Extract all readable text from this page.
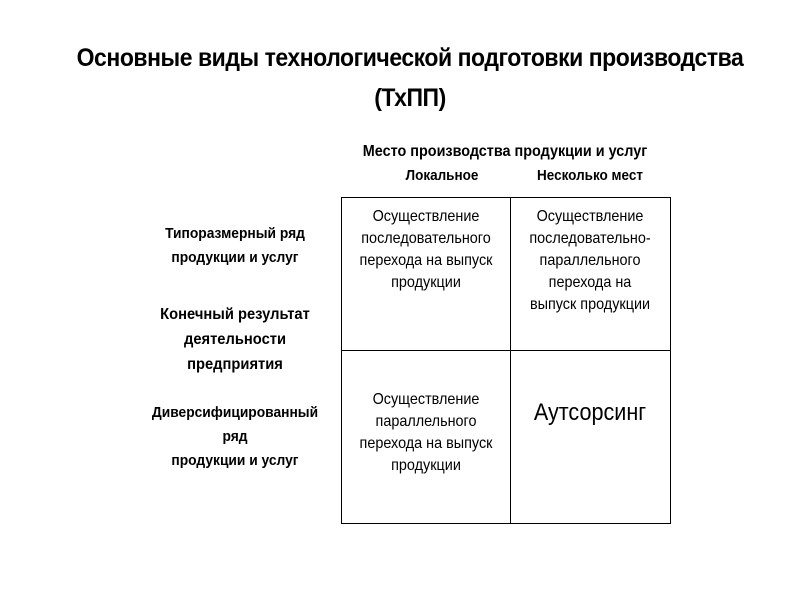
Основные виды технологической подготовки производства
(ТхПП)
Место производства продукции и услуг
Локальное	Несколько мест
Типоразмерный ряд
продукции и услуг
Конечный результат
деятельности
предприятия
Диверсифицированный
ряд
продукции и услуг
Осуществление
последовательного
перехода на выпуск
продукции
Осуществление
последовательно-
параллельного
перехода на
выпуск продукции
Осуществление
параллельного
перехода на выпуск
продукции
Аутсорсинг
